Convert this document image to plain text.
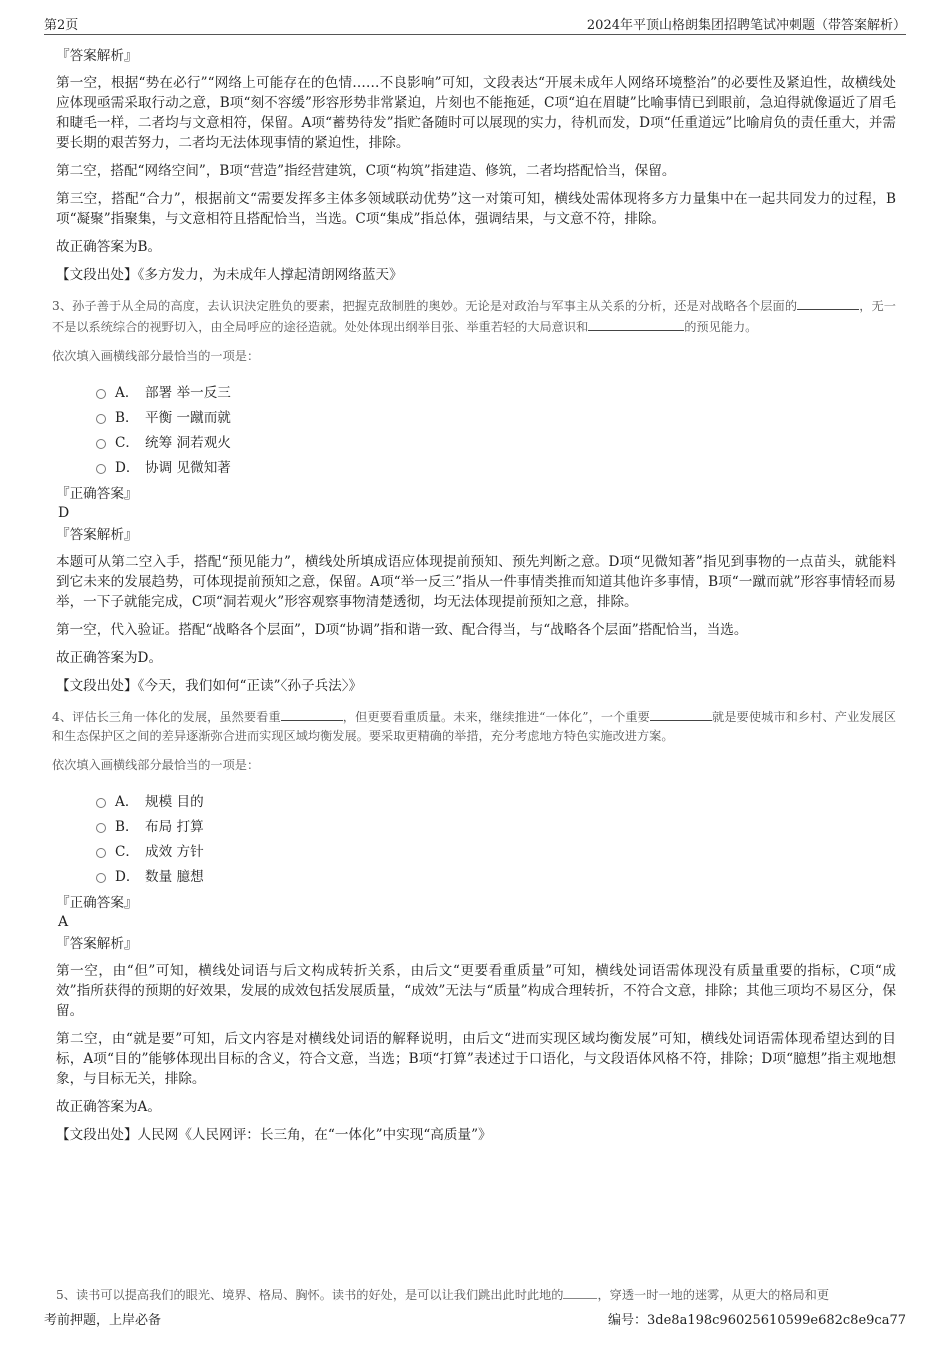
第2页	2024年平顶山格朗集团招聘笔试冲刺题（带答案解析）
『答案解析』

第一空，根据“势在必行”“网络上可能存在的色情……不良影响”可知，文段表达“开展未成年人网络环境整治”的必要性及紧迫性，故横线处应体现亟需采取行动之意，B项“刻不容缓”形容形势非常紧迫，片刻也不能拖延，C项“迫在眉睫”比喻事情已到眼前，急迫得就像逼近了眉毛和睫毛一样，二者均与文意相符，保留。A项“蓄势待发”指贮备随时可以展现的实力，待机而发，D项“任重道远”比喻肩负的责任重大，并需要长期的艰苦努力，二者均无法体现事情的紧迫性，排除。

第二空，搭配“网络空间”，B项“营造”指经营建筑，C项“构筑”指建造、修筑，二者均搭配恰当，保留。

第三空，搭配“合力”，根据前文“需要发挥多主体多领域联动优势”这一对策可知，横线处需体现将多方力量集中在一起共同发力的过程，B项“凝聚”指聚集，与文意相符且搭配恰当，当选。C项“集成”指总体，强调结果，与文意不符，排除。

故正确答案为B。

【文段出处】《多方发力，为未成年人撑起清朗网络蓝天》

3、孙子善于从全局的高度，去认识決定胜负的要素，把握克敌制胜的奥妙。无论是对政治与军事主从关系的分析，还是对战略各个层面的	，无一不是以系统综合的视野切入，由全局呼应的途径造就。处处体现出纲举目张、举重若轻的大局意识和	的预见能力。
依次填入画横线部分最恰当的一项是：
A． 部署 举一反三
B． 平衡 一蹴而就
C． 统筹 洞若观火
D． 协调 见微知著
『正确答案』
D
『答案解析』

本题可从第二空入手，搭配“预见能力”，横线处所填成语应体现提前预知、预先判断之意。D项“见微知著”指见到事物的一点苗头，就能料到它未来的发展趋势，可体现提前预知之意，保留。A项“举一反三”指从一件事情类推而知道其他许多事情，B项“一蹴而就”形容事情轻而易举，一下子就能完成，C项“洞若观火”形容观察事物清楚透彻，均无法体现提前预知之意，排除。

第一空，代入验证。搭配“战略各个层面”，D项“协调”指和谐一致、配合得当，与“战略各个层面”搭配恰当，当选。

故正确答案为D。

【文段出处】《今天，我们如何“正读”〈孙子兵法〉》

4、评估长三角一体化的发展，虽然要看重	，但更要看重质量。未来，继续推进“一体化”，一个重要	就是要使城市和乡村、产业发展区和生态保护区之间的差异逐渐弥合进而实现区域均衡发展。要采取更精确的举措，充分考虑地方特色实施改进方案。
依次填入画横线部分最恰当的一项是：
A． 规模 目的
B． 布局 打算
C． 成效 方针
D． 数量 臆想
『正确答案』
A
『答案解析』

第一空，由“但”可知，横线处词语与后文构成转折关系，由后文“更要看重质量”可知，横线处词语需体现没有质量重要的指标，C项“成效”指所获得的预期的好效果，发展的成效包括发展质量，“成效”无法与“质量”构成合理转折，不符合文意，排除；其他三项均不易区分，保留。

第二空，由“就是要”可知，后文内容是对横线处词语的解释说明，由后文“进而实现区域均衡发展”可知，横线处词语需体现希望达到的目标，A项“目的”能够体现出目标的含义，符合文意，当选；B项“打算”表述过于口语化，与文段语体风格不符，排除；D项“臆想”指主观地想象，与目标无关，排除。

故正确答案为A。

【文段出处】人民网《人民网评：长三角，在“一体化”中实现“高质量”》

5、读书可以提高我们的眼光、境界、格局、胸怀。读书的好处，是可以让我们跳出此时此地的	，穿透一时一地的迷雾，从更大的格局和更
考前押题，上岸必备	编号：3de8a198c96025610599e682c8e9ca77
